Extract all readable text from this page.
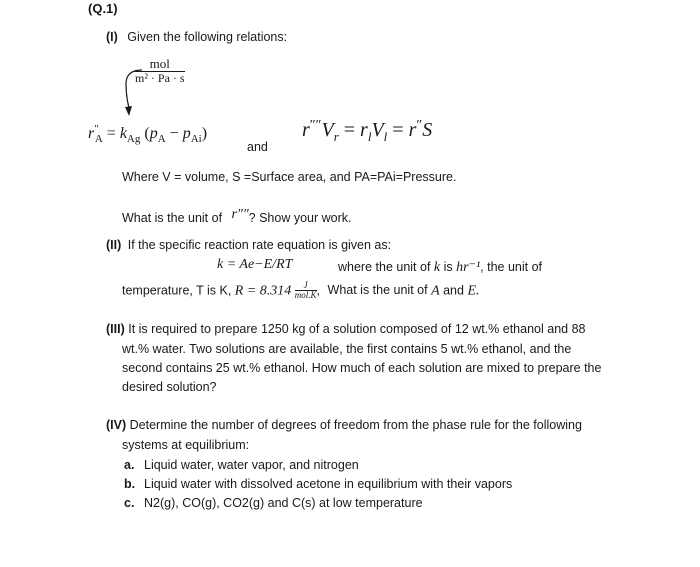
(Q.1)
(I) Given the following relations:
$\frac{\text{mol}}{\text{m² · Pa · s}}$
$r''_A = k_{Ag}$ $(p_A - p_{Ai})$
and
$r''''V_r = r_lV_l = r''S$
Where V = volume, S =Surface area, and PA=PAi=Pressure.
What is the unit of r″″? Show your work.
(II) If the specific reaction rate equation is given as:
k = Ae−E/RT	where the unit of k is hr⁻¹, the unit of
temperature, T is K, $R = 8.314 \frac{J}{\text{mol.K}}$ , What is the unit of A and E.
(III) It is required to prepare 1250 kg of a solution composed of 12 wt.% ethanol and 88
wt.% water. Two solutions are available, the first contains 5 wt.% ethanol, and the
second contains 25 wt.% ethanol. How much of each solution are mixed to prepare the
desired solution?
(IV) Determine the number of degrees of freedom from the phase rule for the following
systems at equilibrium:
a. Liquid water, water vapor, and nitrogen
b. Liquid water with dissolved acetone in equilibrium with their vapors
c. N2(g), CO(g), CO2(g) and C(s) at low temperature
